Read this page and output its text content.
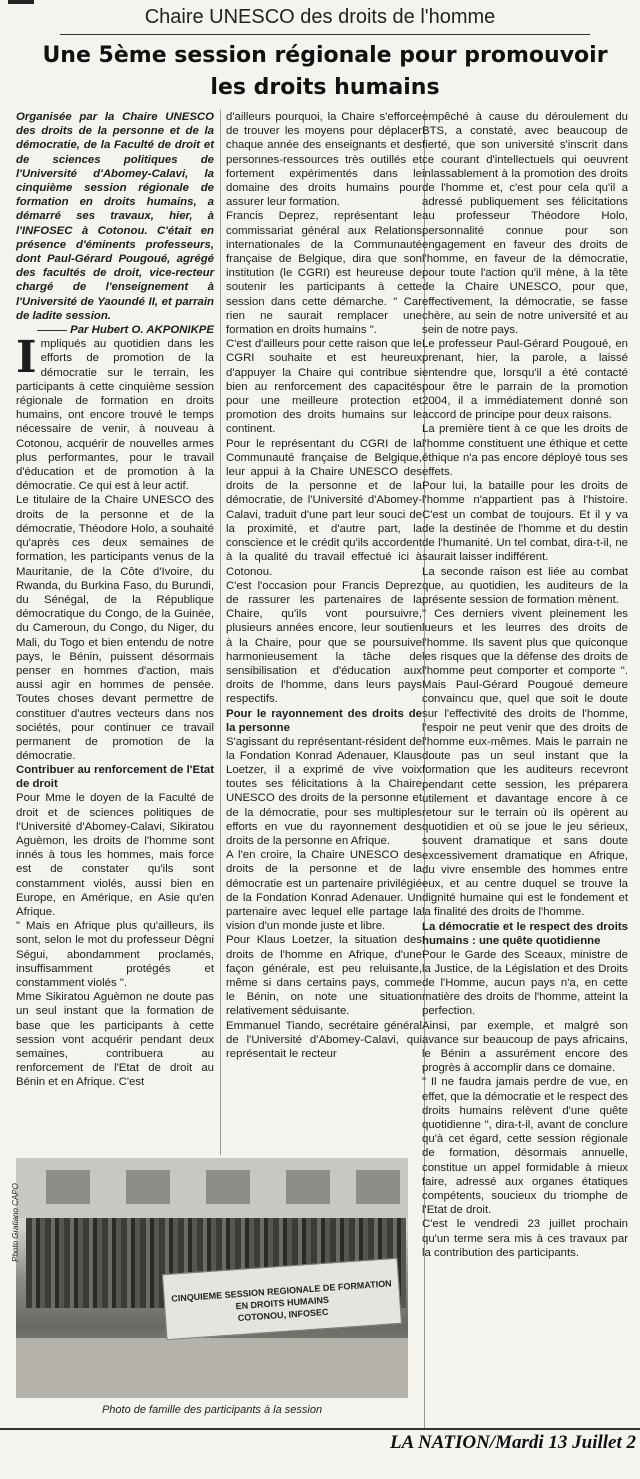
Chaire UNESCO des droits de l'homme
Une 5ème session régionale pour promouvoir les droits humains

Organisée par la Chaire UNESCO des droits de la personne et de la démocratie, de la Faculté de droit et de sciences politiques de l'Université d'Abomey-Calavi, la cinquième session régionale de formation en droits humains, a démarré ses travaux, hier, à l'INFOSEC à Cotonou. C'était en présence d'éminents professeurs, dont Paul-Gérard Pougoué, agrégé des facultés de droit, vice-recteur chargé de l'enseignement à l'Université de Yaoundé II, et parrain de ladite session.

Par Hubert O. AKPONIKPE

Impliqués au quotidien dans les efforts de promotion de la démocratie sur le terrain, les participants à cette cinquième session régionale de formation en droits humains, ont encore trouvé le temps nécessaire de venir, à nouveau à Cotonou, acquérir de nouvelles armes plus performantes, pour le travail d'éducation et de promotion à la démocratie. Ce qui est à leur actif.

Le titulaire de la Chaire UNESCO des droits de la personne et de la démocratie, Théodore Holo, a souhaité qu'après ces deux semaines de formation, les participants venus de la Mauritanie, de la Côte d'Ivoire, du Rwanda, du Burkina Faso, du Burundi, du Sénégal, de la République démocratique du Congo, de la Guinée, du Cameroun, du Congo, du Niger, du Mali, du Togo et bien entendu de notre pays, le Bénin, puissent désormais penser en hommes d'action, mais aussi agir en hommes de pensée. Toutes choses devant permettre de constituer d'autres vecteurs dans nos sociétés, pour continuer ce travail permanent de promotion de la démocratie.

Contribuer au renforcement de l'Etat de droit

Pour Mme le doyen de la Faculté de droit et de sciences politiques de l'Université d'Abomey-Calavi, Sikiratou Aguèmon, les droits de l'homme sont innés à tous les hommes, mais force est de constater qu'ils sont constamment violés, aussi bien en Europe, en Amérique, en Asie qu'en Afrique.

" Mais en Afrique plus qu'ailleurs, ils sont, selon le mot du professeur Dègni Ségui, abondamment proclamés, insuffisamment protégés et constamment violés ".

Mme Sikiratou Aguèmon ne doute pas un seul instant que la formation de base que les participants à cette session vont acquérir pendant deux semaines, contribuera au renforcement de l'Etat de droit au Bénin et en Afrique. C'est

d'ailleurs pourquoi, la Chaire s'efforce de trouver les moyens pour déplacer chaque année des enseignants et des personnes-ressources très outillés et fortement expérimentés dans le domaine des droits humains pour assurer leur formation.

Francis Deprez, représentant le commissariat général aux Relations internationales de la Communauté française de Belgique, dira que son institution (le CGRI) est heureuse de soutenir les participants à cette session dans cette démarche. " Car rien ne saurait remplacer une formation en droits humains ".

C'est d'ailleurs pour cette raison que le CGRI souhaite et est heureux d'appuyer la Chaire qui contribue si bien au renforcement des capacités pour une meilleure protection et promotion des droits humains sur le continent.

Pour le représentant du CGRI de la Communauté française de Belgique, leur appui à la Chaire UNESCO des droits de la personne et de la démocratie, de l'Université d'Abomey-Calavi, traduit d'une part leur souci de la proximité, et d'autre part, la conscience et le crédit qu'ils accordent à la qualité du travail effectué ici à Cotonou.

C'est l'occasion pour Francis Deprez de rassurer les partenaires de la Chaire, qu'ils vont poursuivre, plusieurs années encore, leur soutien à la Chaire, pour que se poursuive harmonieusement la tâche de sensibilisation et d'éducation aux droits de l'homme, dans leurs pays respectifs.

Pour le rayonnement des droits de la personne

S'agissant du représentant-résident de la Fondation Konrad Adenauer, Klaus Loetzer, il a exprimé de vive voix toutes ses félicitations à la Chaire UNESCO des droits de la personne et de la démocratie, pour ses multiples efforts en vue du rayonnement des droits de la personne en Afrique.

A l'en croire, la Chaire UNESCO des droits de la personne et de la démocratie est un partenaire privilégié de la Fondation Konrad Adenauer. Un partenaire avec lequel elle partage la vision d'un monde juste et libre.

Pour Klaus Loetzer, la situation des droits de l'homme en Afrique, d'une façon générale, est peu reluisante, même si dans certains pays, comme le Bénin, on note une situation relativement séduisante.

Emmanuel Tiando, secrétaire général de l'Université d'Abomey-Calavi, qui représentait le recteur

empêché à cause du déroulement du BTS, a constaté, avec beaucoup de fierté, que son université s'inscrit dans ce courant d'intellectuels qui oeuvrent inlassablement à la promotion des droits de l'homme et, c'est pour cela qu'il a adressé publiquement ses félicitations au professeur Théodore Holo, personnalité connue pour son engagement en faveur des droits de l'homme, en faveur de la démocratie, pour toute l'action qu'il mène, à la tête de la Chaire UNESCO, pour que, effectivement, la démocratie, se fasse chère, au sein de notre université et au sein de notre pays.

Le professeur Paul-Gérard Pougoué, en prenant, hier, la parole, a laissé entendre que, lorsqu'il a été contacté pour être le parrain de la promotion 2004, il a immédiatement donné son accord de principe pour deux raisons.

La première tient à ce que les droits de l'homme constituent une éthique et cette éthique n'a pas encore déployé tous ses effets.

Pour lui, la bataille pour les droits de l'homme n'appartient pas à l'histoire. C'est un combat de toujours. Et il y va de la destinée de l'homme et du destin de l'humanité. Un tel combat, dira-t-il, ne saurait laisser indifférent.

La seconde raison est liée au combat que, au quotidien, les auditeurs de la présente session de formation mènent.

" Ces derniers vivent pleinement les lueurs et les leurres des droits de l'homme. Ils savent plus que quiconque les risques que la défense des droits de l'homme peut comporter et comporte ". Mais Paul-Gérard Pougoué demeure convaincu que, quel que soit le doute sur l'effectivité des droits de l'homme, l'espoir ne peut venir que des droits de l'homme eux-mêmes. Mais le parrain ne doute pas un seul instant que la formation que les auditeurs recevront pendant cette session, les préparera utilement et davantage encore à ce retour sur le terrain où ils opèrent au quotidien et où se joue le jeu sérieux, souvent dramatique et sans doute excessivement dramatique en Afrique, du vivre ensemble des hommes entre eux, et au centre duquel se trouve la dignité humaine qui est le fondement et la finalité des droits de l'homme.

La démocratie et le respect des droits humains : une quête quotidienne

Pour le Garde des Sceaux, ministre de la Justice, de la Législation et des Droits de l'Homme, aucun pays n'a, en cette matière des droits de l'homme, atteint la perfection.

Ainsi, par exemple, et malgré son avance sur beaucoup de pays africains, le Bénin a assurément encore des progrès à accomplir dans ce domaine.

" Il ne faudra jamais perdre de vue, en effet, que la démocratie et le respect des droits humains relèvent d'une quête quotidienne ", dira-t-il, avant de conclure qu'à cet égard, cette session régionale de formation, désormais annuelle, constitue un appel formidable à mieux faire, adressé aux organes étatiques compétents, soucieux du triomphe de l'Etat de droit.

C'est le vendredi 23 juillet prochain qu'un terme sera mis à ces travaux par la contribution des participants.

CINQUIEME SESSION REGIONALE DE FORMATION EN DROITS HUMAINS
COTONOU, INFOSEC
Photo Gratiano CAPO
Photo de famille des participants à la session
LA NATION/Mardi 13 Juillet 2
